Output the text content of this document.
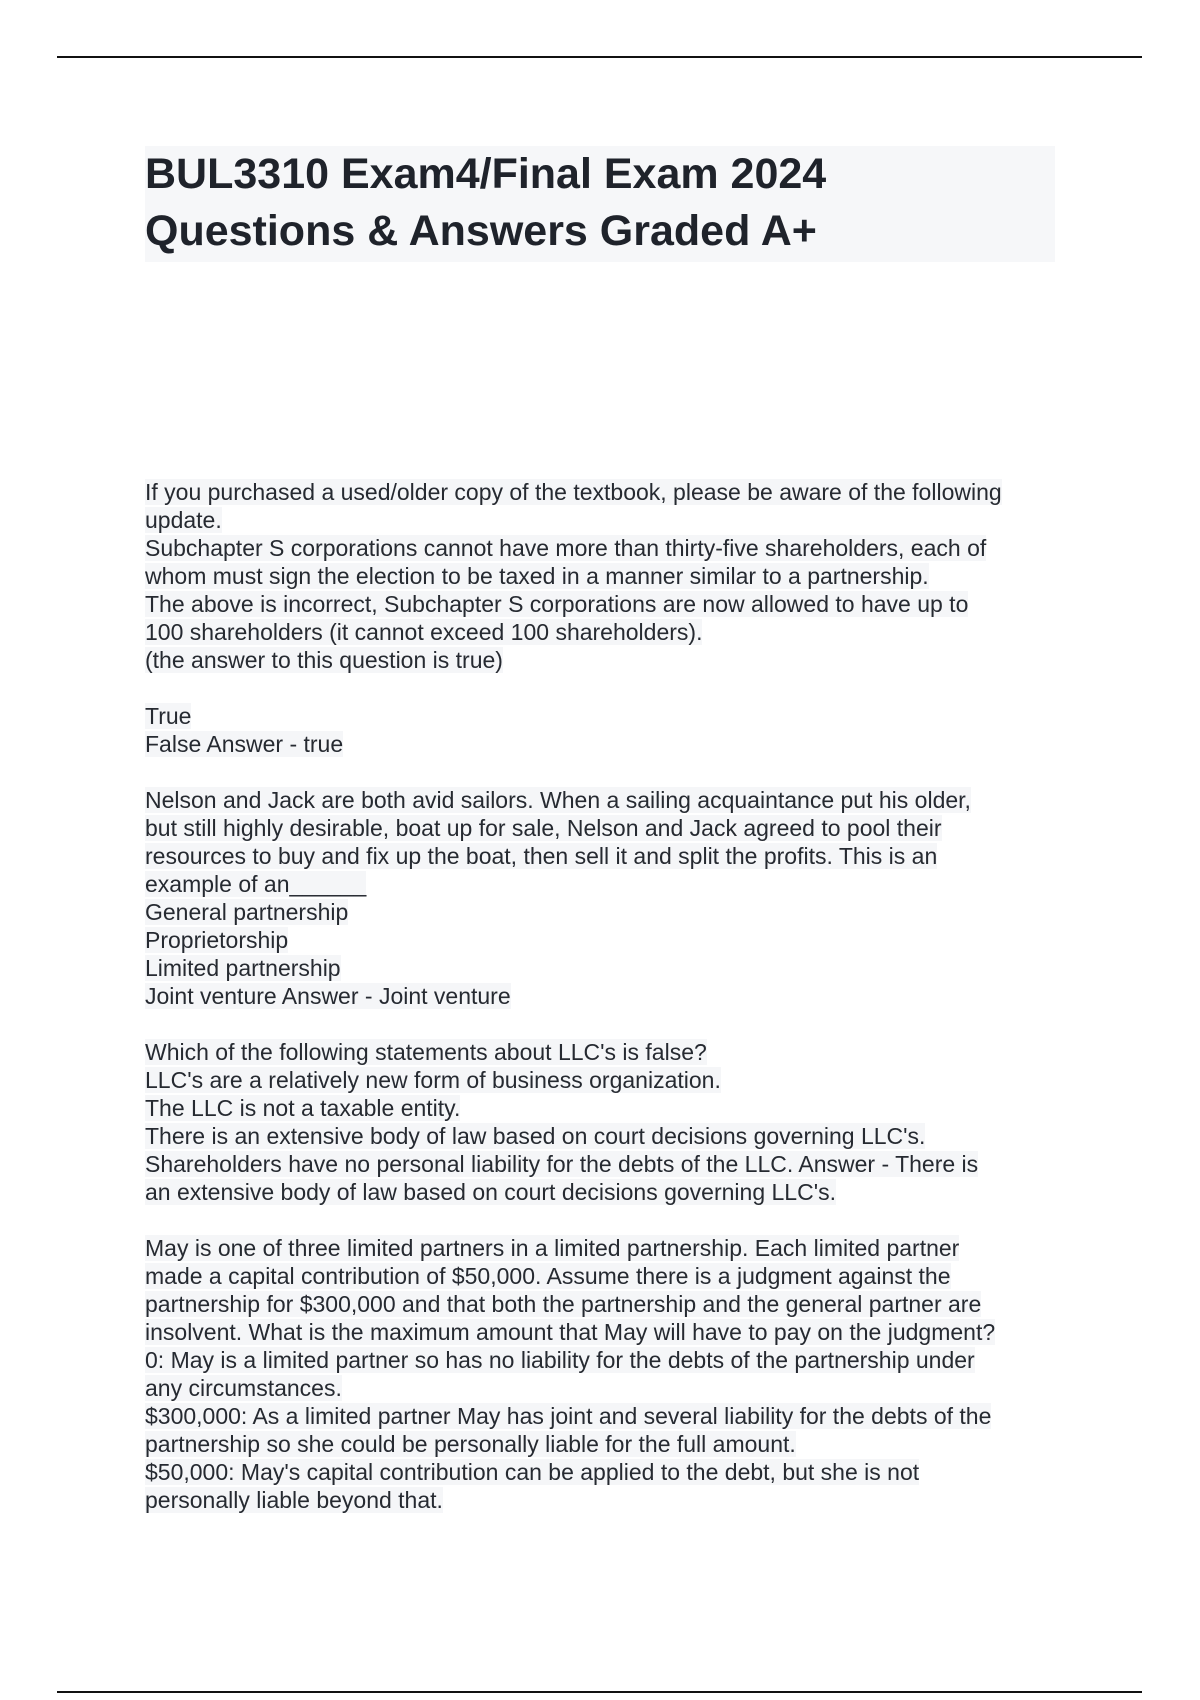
BUL3310 Exam4/Final Exam 2024
Questions & Answers Graded A+
If you purchased a used/older copy of the textbook, please be aware of the following
update.
Subchapter S corporations cannot have more than thirty-five shareholders, each of
whom must sign the election to be taxed in a manner similar to a partnership.
The above is incorrect, Subchapter S corporations are now allowed to have up to
100 shareholders (it cannot exceed 100 shareholders).
(the answer to this question is true)
True
False Answer - true
Nelson and Jack are both avid sailors. When a sailing acquaintance put his older,
but still highly desirable, boat up for sale, Nelson and Jack agreed to pool their
resources to buy and fix up the boat, then sell it and split the profits. This is an
example of an______
General partnership
Proprietorship
Limited partnership
Joint venture Answer - Joint venture
Which of the following statements about LLC's is false?
LLC's are a relatively new form of business organization.
The LLC is not a taxable entity.
There is an extensive body of law based on court decisions governing LLC's.
Shareholders have no personal liability for the debts of the LLC. Answer - There is
an extensive body of law based on court decisions governing LLC's.
May is one of three limited partners in a limited partnership. Each limited partner
made a capital contribution of $50,000. Assume there is a judgment against the
partnership for $300,000 and that both the partnership and the general partner are
insolvent. What is the maximum amount that May will have to pay on the judgment?
0: May is a limited partner so has no liability for the debts of the partnership under
any circumstances.
$300,000: As a limited partner May has joint and several liability for the debts of the
partnership so she could be personally liable for the full amount.
$50,000: May's capital contribution can be applied to the debt, but she is not
personally liable beyond that.
